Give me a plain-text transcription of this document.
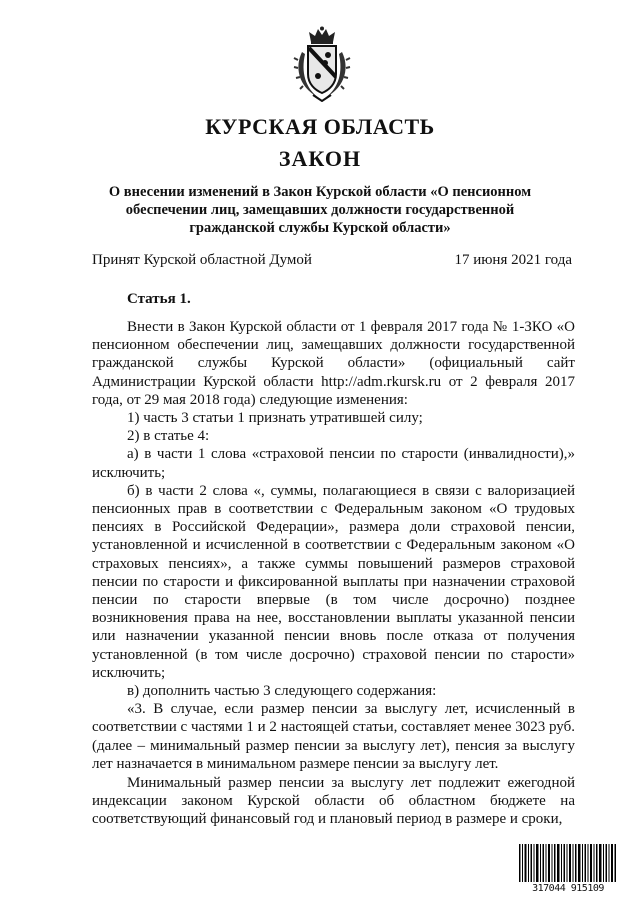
КУРСКАЯ ОБЛАСТЬ
ЗАКОН

О внесении изменений в Закон Курской области «О пенсионном обеспечении лиц, замещавших должности государственной гражданской службы Курской области»

Принят Курской областной Думой	17 июня 2021 года

Статья 1.

Внести в Закон Курской области от 1 февраля 2017 года № 1-ЗКО «О пенсионном обеспечении лиц, замещавших должности государственной гражданской службы Курской области» (официальный сайт Администрации Курской области http://adm.rkursk.ru от 2 февраля 2017 года, от 29 мая 2018 года) следующие изменения:

1) часть 3 статьи 1 признать утратившей силу;

2) в статье 4:

а) в части 1 слова «страховой пенсии по старости (инвалидности),» исключить;

б) в части 2 слова «, суммы, полагающиеся в связи с валоризацией пенсионных прав в соответствии с Федеральным законом «О трудовых пенсиях в Российской Федерации», размера доли страховой пенсии, установленной и исчисленной в соответствии с Федеральным законом «О страховых пенсиях», а также суммы повышений размеров страховой пенсии по старости и фиксированной выплаты при назначении страховой пенсии по старости впервые (в том числе досрочно) позднее возникновения права на нее, восстановлении выплаты указанной пенсии или назначении указанной пенсии вновь после отказа от получения установленной (в том числе досрочно) страховой пенсии по старости» исключить;

в) дополнить частью 3 следующего содержания:

«3. В случае, если размер пенсии за выслугу лет, исчисленный в соответствии с частями 1 и 2 настоящей статьи, составляет менее 3023 руб. (далее – минимальный размер пенсии за выслугу лет), пенсия за выслугу лет назначается в минимальном размере пенсии за выслугу лет.

Минимальный размер пенсии за выслугу лет подлежит ежегодной индексации законом Курской области об областном бюджете на соответствующий финансовый год и плановый период в размере и сроки,

317044 915109
